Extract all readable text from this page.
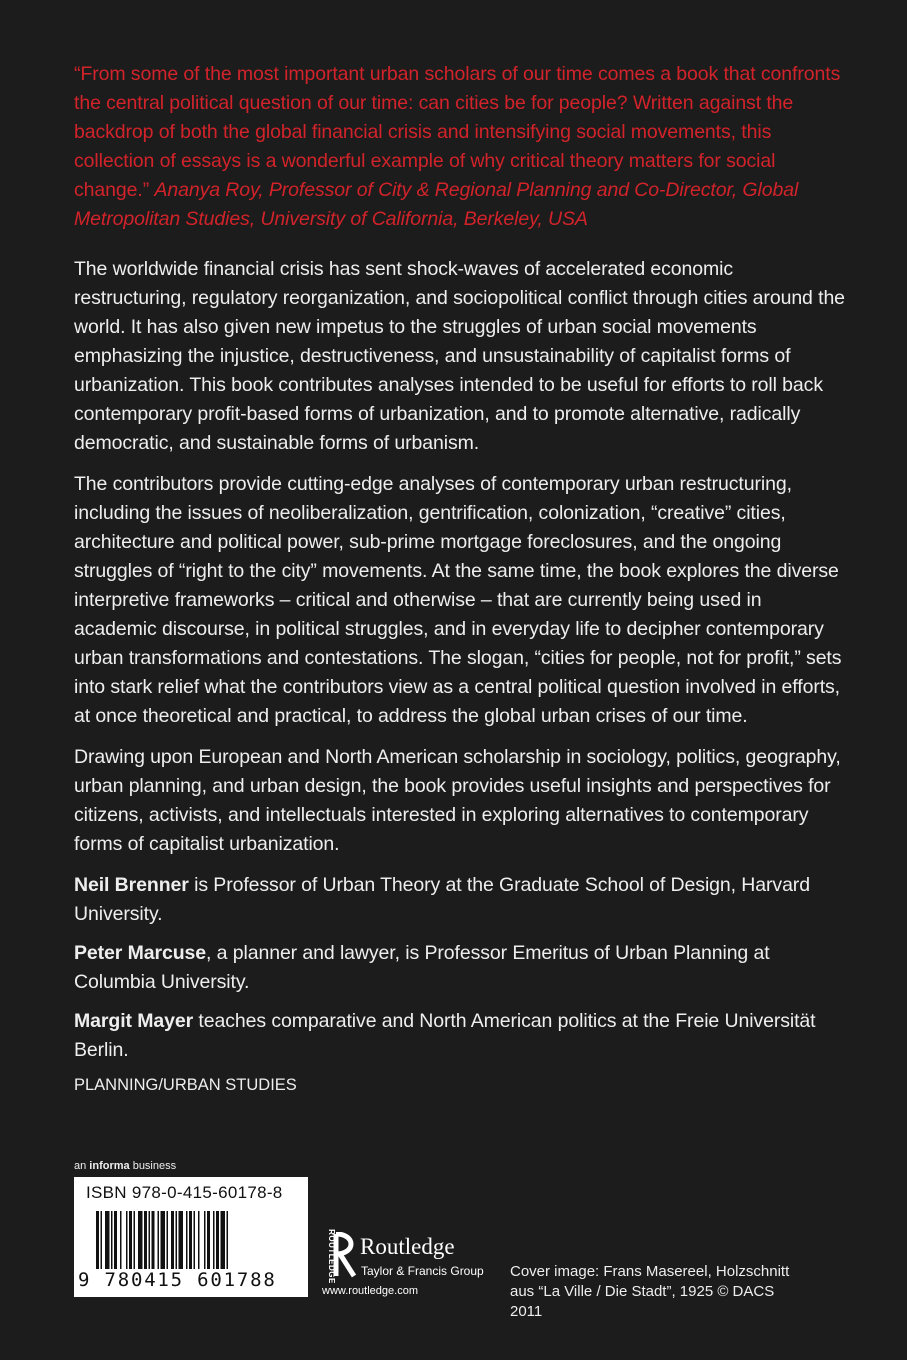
“From some of the most important urban scholars of our time comes a book that confronts the central political question of our time: can cities be for people? Written against the backdrop of both the global financial crisis and intensifying social movements, this collection of essays is a wonderful example of why critical theory matters for social change.” Ananya Roy, Professor of City & Regional Planning and Co-Director, Global Metropolitan Studies, University of California, Berkeley, USA

The worldwide financial crisis has sent shock-waves of accelerated economic restructuring, regulatory reorganization, and sociopolitical conflict through cities around the world. It has also given new impetus to the struggles of urban social movements emphasizing the injustice, destructiveness, and unsustainability of capitalist forms of urbanization. This book contributes analyses intended to be useful for efforts to roll back contemporary profit-based forms of urbanization, and to promote alternative, radically democratic, and sustainable forms of urbanism.

The contributors provide cutting-edge analyses of contemporary urban restructuring, including the issues of neoliberalization, gentrification, colonization, “creative” cities, architecture and political power, sub-prime mortgage foreclosures, and the ongoing struggles of “right to the city” movements. At the same time, the book explores the diverse interpretive frameworks – critical and otherwise – that are currently being used in academic discourse, in political struggles, and in everyday life to decipher contemporary urban transformations and contestations. The slogan, “cities for people, not for profit,” sets into stark relief what the contributors view as a central political question involved in efforts, at once theoretical and practical, to address the global urban crises of our time.

Drawing upon European and North American scholarship in sociology, politics, geography, urban planning, and urban design, the book provides useful insights and perspectives for citizens, activists, and intellectuals interested in exploring alternatives to contemporary forms of capitalist urbanization.

Neil Brenner is Professor of Urban Theory at the Graduate School of Design, Harvard University.

Peter Marcuse, a planner and lawyer, is Professor Emeritus of Urban Planning at Columbia University.

Margit Mayer teaches comparative and North American politics at the Freie Universität Berlin.

PLANNING/URBAN STUDIES
an informa business
ISBN 978-0-415-60178-8
9 780415 601788	ROUTLEDGE Routledge
Taylor & Francis Group
www.routledge.com
Cover image: Frans Masereel, Holzschnitt aus “La Ville / Die Stadt”, 1925 © DACS 2011
